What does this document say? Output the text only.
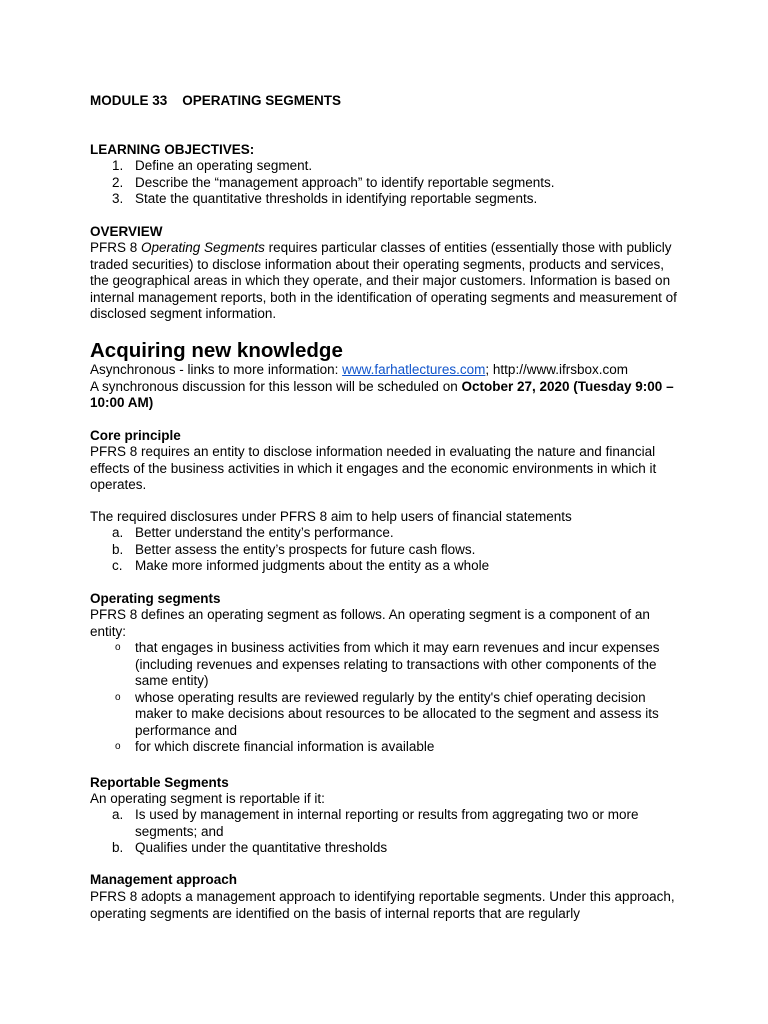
MODULE 33 OPERATING SEGMENTS
LEARNING OBJECTIVES:
1. Define an operating segment.
2. Describe the “management approach” to identify reportable segments.
3. State the quantitative thresholds in identifying reportable segments.
OVERVIEW

PFRS 8 Operating Segments requires particular classes of entities (essentially those with publicly traded securities) to disclose information about their operating segments, products and services, the geographical areas in which they operate, and their major customers. Information is based on internal management reports, both in the identification of operating segments and measurement of disclosed segment information.

Acquiring new knowledge

Asynchronous - links to more information: www.farhatlectures.com; http://www.ifrsbox.com

A synchronous discussion for this lesson will be scheduled on October 27, 2020 (Tuesday 9:00 – 10:00 AM)

Core principle

PFRS 8 requires an entity to disclose information needed in evaluating the nature and financial effects of the business activities in which it engages and the economic environments in which it operates.

The required disclosures under PFRS 8 aim to help users of financial statements

a. Better understand the entity’s performance.
b. Better assess the entity’s prospects for future cash flows.
c. Make more informed judgments about the entity as a whole
Operating segments

PFRS 8 defines an operating segment as follows. An operating segment is a component of an entity:

o	that engages in business activities from which it may earn revenues and incur expenses (including revenues and expenses relating to transactions with other components of the same entity)
o	whose operating results are reviewed regularly by the entity's chief operating decision maker to make decisions about resources to be allocated to the segment and assess its performance and
o	for which discrete financial information is available
Reportable Segments

An operating segment is reportable if it:

a. Is used by management in internal reporting or results from aggregating two or more segments; and
b. Qualifies under the quantitative thresholds
Management approach

PFRS 8 adopts a management approach to identifying reportable segments. Under this approach, operating segments are identified on the basis of internal reports that are regularly
